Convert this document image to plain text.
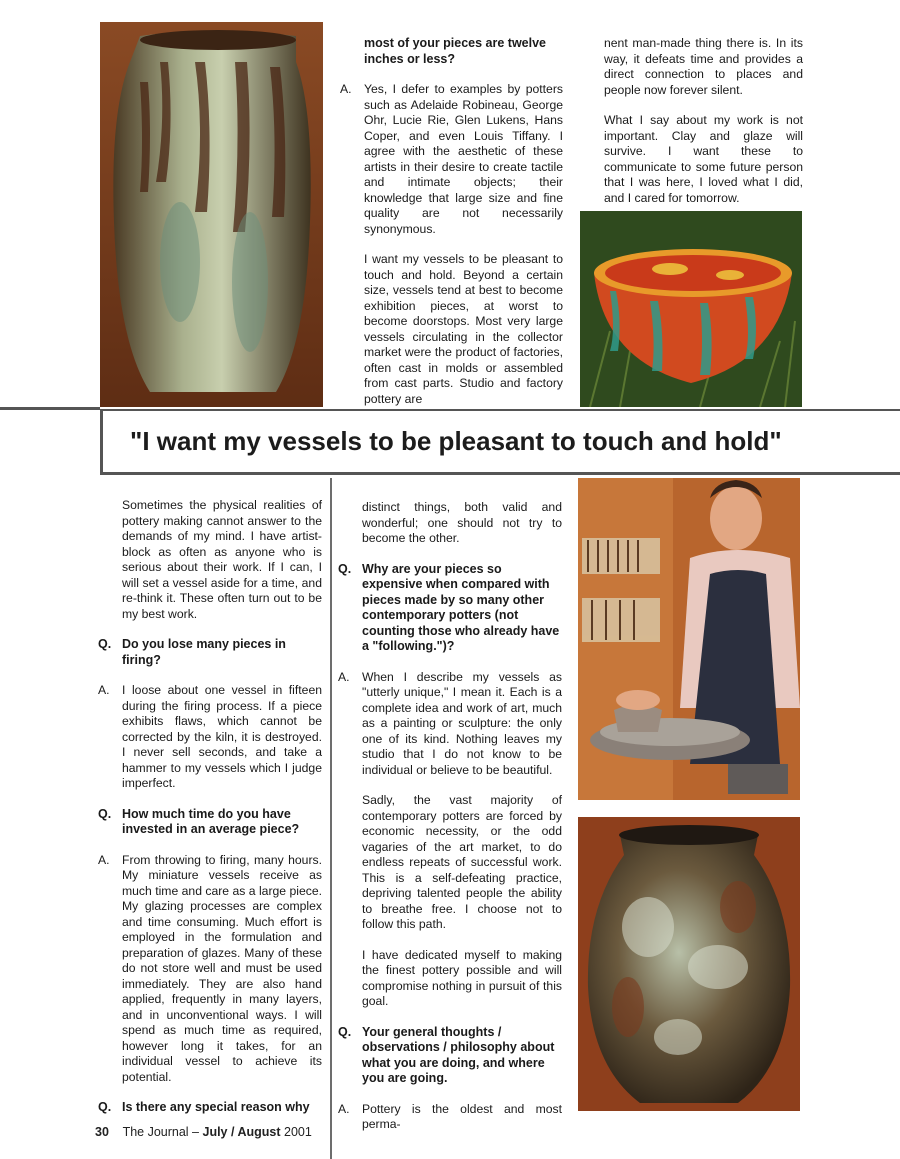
most of your pieces are twelve inches or less?
A.	Yes, I defer to examples by potters such as Adelaide Robineau, George Ohr, Lucie Rie, Glen Lukens, Hans Coper, and even Louis Tiffany. I agree with the aesthetic of these artists in their desire to create tactile and intimate objects; their knowledge that large size and fine quality are not necessarily synonymous.

I want my vessels to be pleasant to touch and hold. Beyond a certain size, vessels tend at best to become exhibition pieces, at worst to become doorstops. Most very large vessels circulating in the collector market were the product of factories, often cast in molds or assembled from cast parts. Studio and factory pottery are

nent man-made thing there is. In its way, it defeats time and provides a direct connection to places and people now forever silent.

What I say about my work is not important. Clay and glaze will survive. I want these to communicate to some future person that I was here, I loved what I did, and I cared for tomorrow.

"I want my vessels to be pleasant to touch and hold"

Sometimes the physical realities of pottery making cannot answer to the demands of my mind. I have artist-block as often as anyone who is serious about their work. If I can, I will set a vessel aside for a time, and re-think it. These often turn out to be my best work.

Q. Do you lose many pieces in firing?
A.	I loose about one vessel in fifteen during the firing process. If a piece exhibits flaws, which cannot be corrected by the kiln, it is destroyed. I never sell seconds, and take a hammer to my vessels which I judge imperfect.
Q. How much time do you have invested in an average piece?
A.	From throwing to firing, many hours. My miniature vessels receive as much time and care as a large piece. My glazing processes are complex and time consuming. Much effort is employed in the formulation and preparation of glazes. Many of these do not store well and must be used immediately. They are also hand applied, frequently in many layers, and in unconventional ways. I will spend as much time as required, however long it takes, for an individual vessel to achieve its potential.
Q. Is there any special reason why

distinct things, both valid and wonderful; one should not try to become the other.

Q. Why are your pieces so expensive when compared with pieces made by so many other contemporary potters (not counting those who already have a "following.")?
A.	When I describe my vessels as "utterly unique," I mean it. Each is a complete idea and work of art, much as a painting or sculpture: the only one of its kind. Nothing leaves my studio that I do not know to be individual or believe to be beautiful.

Sadly, the vast majority of contemporary potters are forced by economic necessity, or the odd vagaries of the art market, to do endless repeats of successful work. This is a self-defeating practice, depriving talented people the ability to breathe free. I choose not to follow this path.

I have dedicated myself to making the finest pottery possible and will compromise nothing in pursuit of this goal.

Q. Your general thoughts / observations / philosophy about what you are doing, and where you are going.
A.	Pottery is the oldest and most perma-
30 The Journal – July / August 2001
